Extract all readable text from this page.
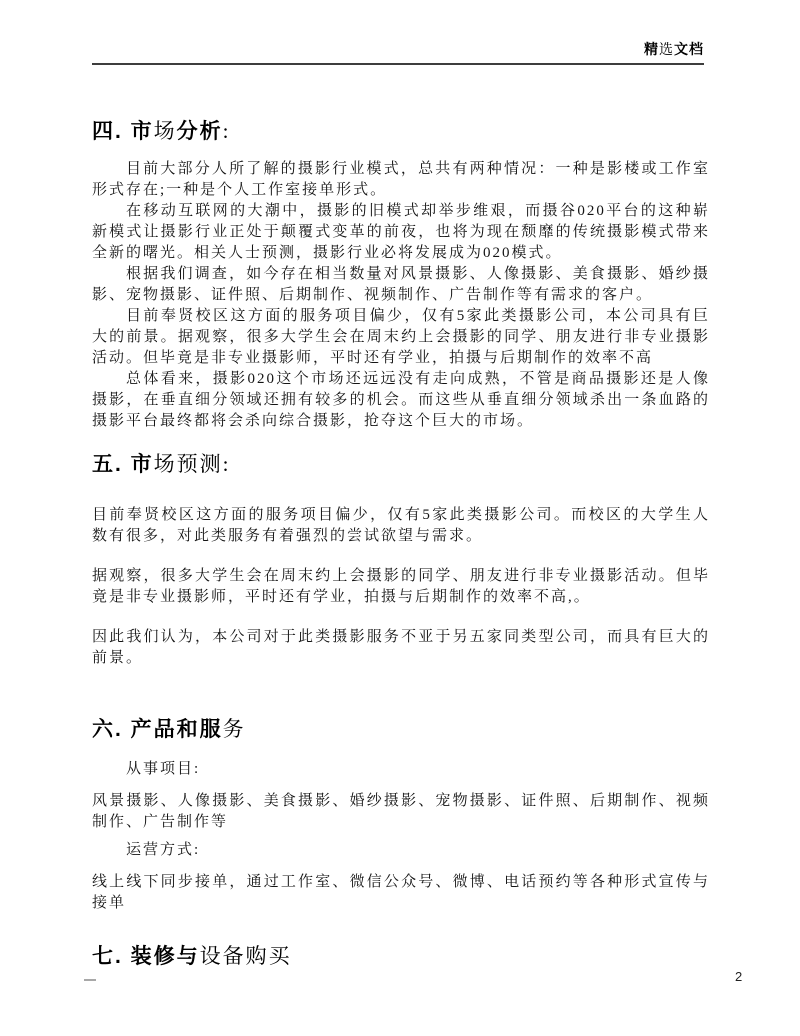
精选文档
四. 市场分析:

目前大部分人所了解的摄影行业模式，总共有两种情况：一种是影楼或工作室形式存在;一种是个人工作室接单形式。

在移动互联网的大潮中，摄影的旧模式却举步维艰，而摄谷020平台的这种崭新模式让摄影行业正处于颠覆式变革的前夜，也将为现在颓靡的传统摄影模式带来全新的曙光。相关人士预测，摄影行业必将发展成为020模式。

根据我们调查，如今存在相当数量对风景摄影、人像摄影、美食摄影、婚纱摄影、宠物摄影、证件照、后期制作、视频制作、广告制作等有需求的客户。

目前奉贤校区这方面的服务项目偏少，仅有5家此类摄影公司，本公司具有巨大的前景。据观察，很多大学生会在周末约上会摄影的同学、朋友进行非专业摄影活动。但毕竟是非专业摄影师，平时还有学业，拍摄与后期制作的效率不高

总体看来，摄影020这个市场还远远没有走向成熟，不管是商品摄影还是人像摄影，在垂直细分领域还拥有较多的机会。而这些从垂直细分领域杀出一条血路的摄影平台最终都将会杀向综合摄影，抢夺这个巨大的市场。

五. 市场预测:

目前奉贤校区这方面的服务项目偏少，仅有5家此类摄影公司。而校区的大学生人数有很多，对此类服务有着强烈的尝试欲望与需求。

据观察，很多大学生会在周末约上会摄影的同学、朋友进行非专业摄影活动。但毕竟是非专业摄影师，平时还有学业，拍摄与后期制作的效率不高,。

因此我们认为，本公司对于此类摄影服务不亚于另五家同类型公司，而具有巨大的前景。

六. 产品和服务

从事项目:

风景摄影、人像摄影、美食摄影、婚纱摄影、宠物摄影、证件照、后期制作、视频制作、广告制作等

运营方式:

线上线下同步接单，通过工作室、微信公众号、微博、电话预约等各种形式宣传与接单

七. 装修与设备购买
2
